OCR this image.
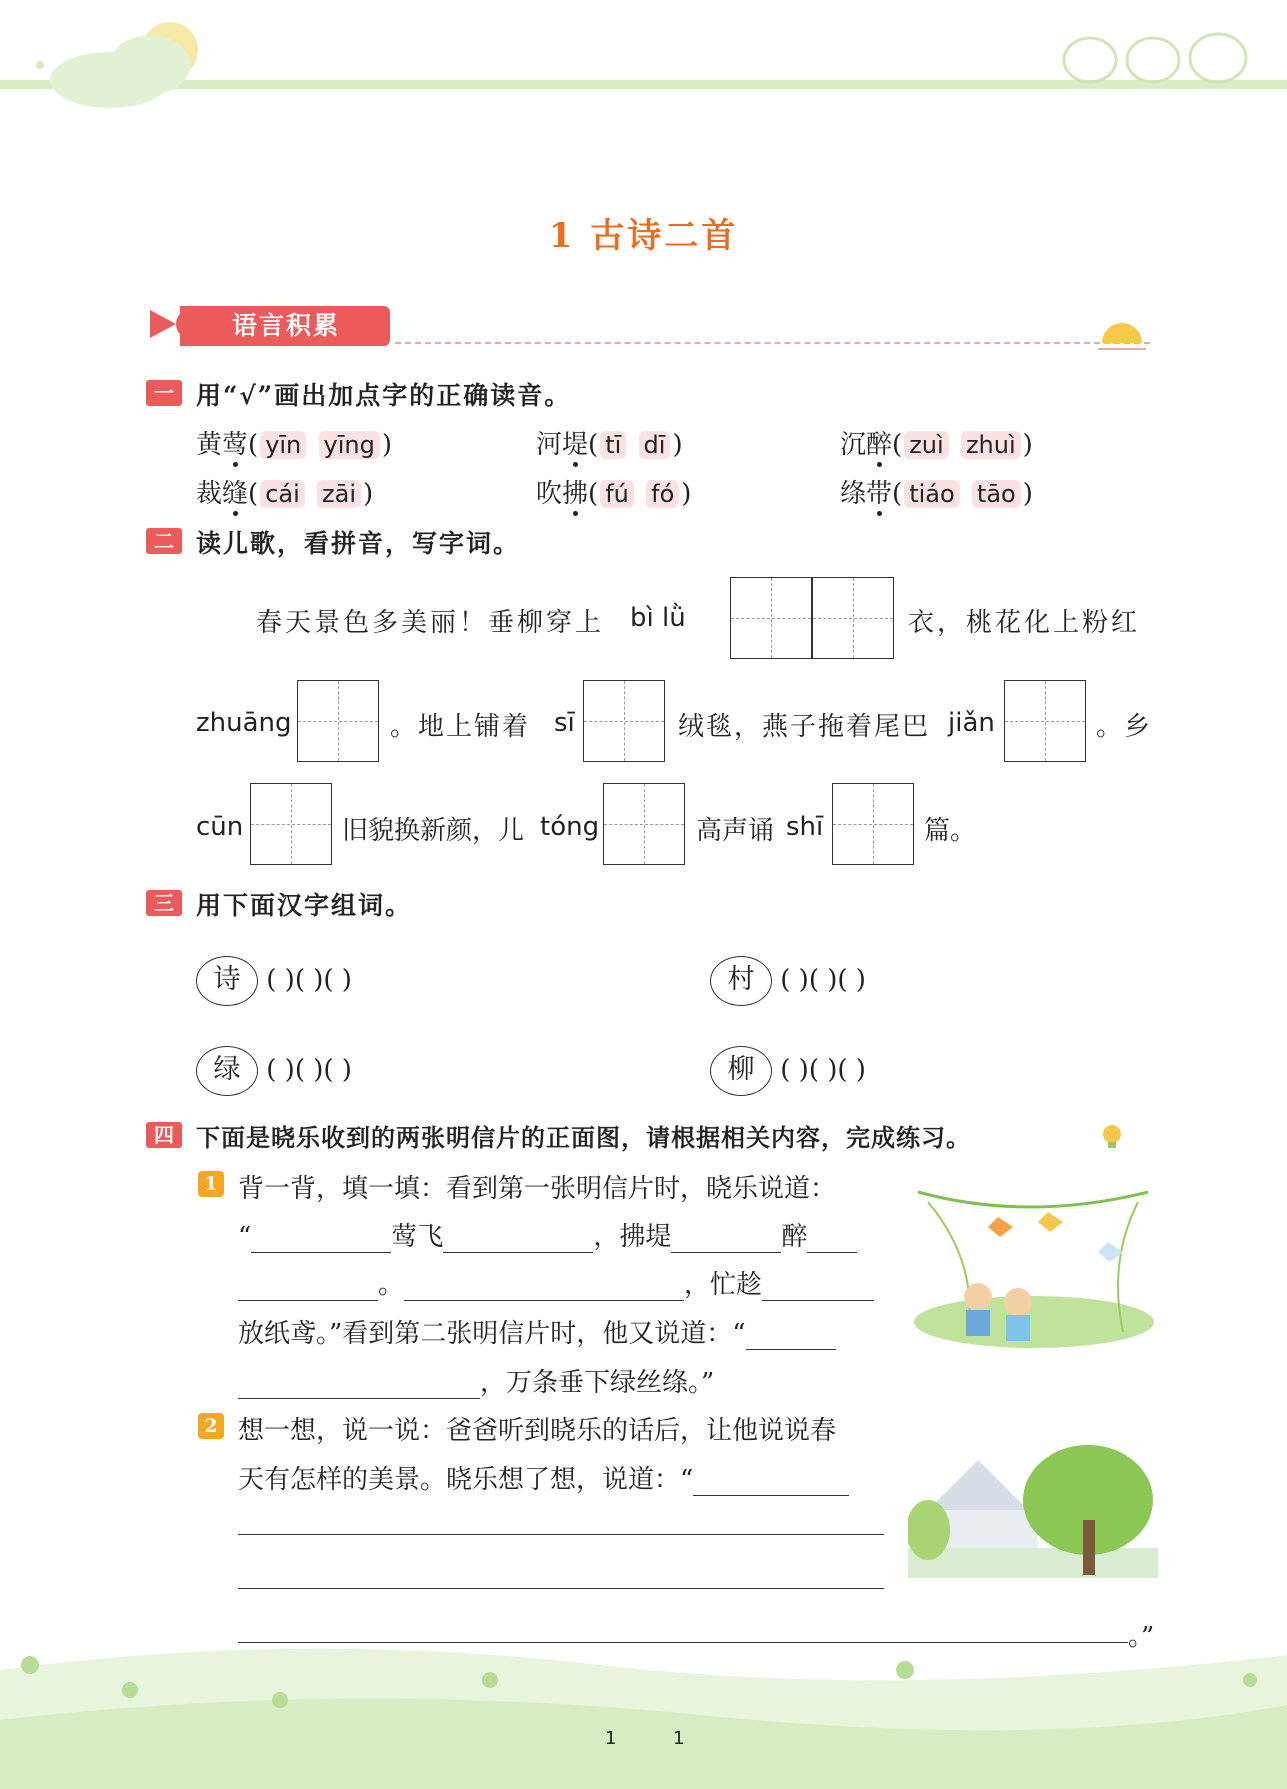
1 古诗二首
语言积累
一 用“√”画出加点字的正确读音。
黄莺( yīn yīng )	河堤( tī dī )	沉醉( zuì zhuì )
裁缝( cái zāi )	吹拂( fú fó )	绦带( tiáo tāo )
二 读儿歌，看拼音，写字词。
春天景色多美丽！垂柳穿上 bì lǜ	衣，桃花化上粉红
zhuāng	。地上铺着 sī	绒毯，燕子拖着尾巴 jiǎn	。乡
cūn	旧貌换新颜，儿 tóng	高声诵 shī	篇。
三 用下面汉字组词。
诗 ( )( )( )	村 ( )( )( )
绿 ( )( )( )	柳 ( )( )( )
四 下面是晓乐收到的两张明信片的正面图，请根据相关内容，完成练习。
1 背一背，填一填：看到第一张明信片时，晓乐说道：
“	莺飞	，拂堤	醉
。	，忙趁
放纸鸢。”看到第二张明信片时，他又说道：“
，万条垂下绿丝绦。”
2 想一想，说一说：爸爸听到晓乐的话后，让他说说春
天有怎样的美景。晓乐想了想，说道：“
。”
1	1
